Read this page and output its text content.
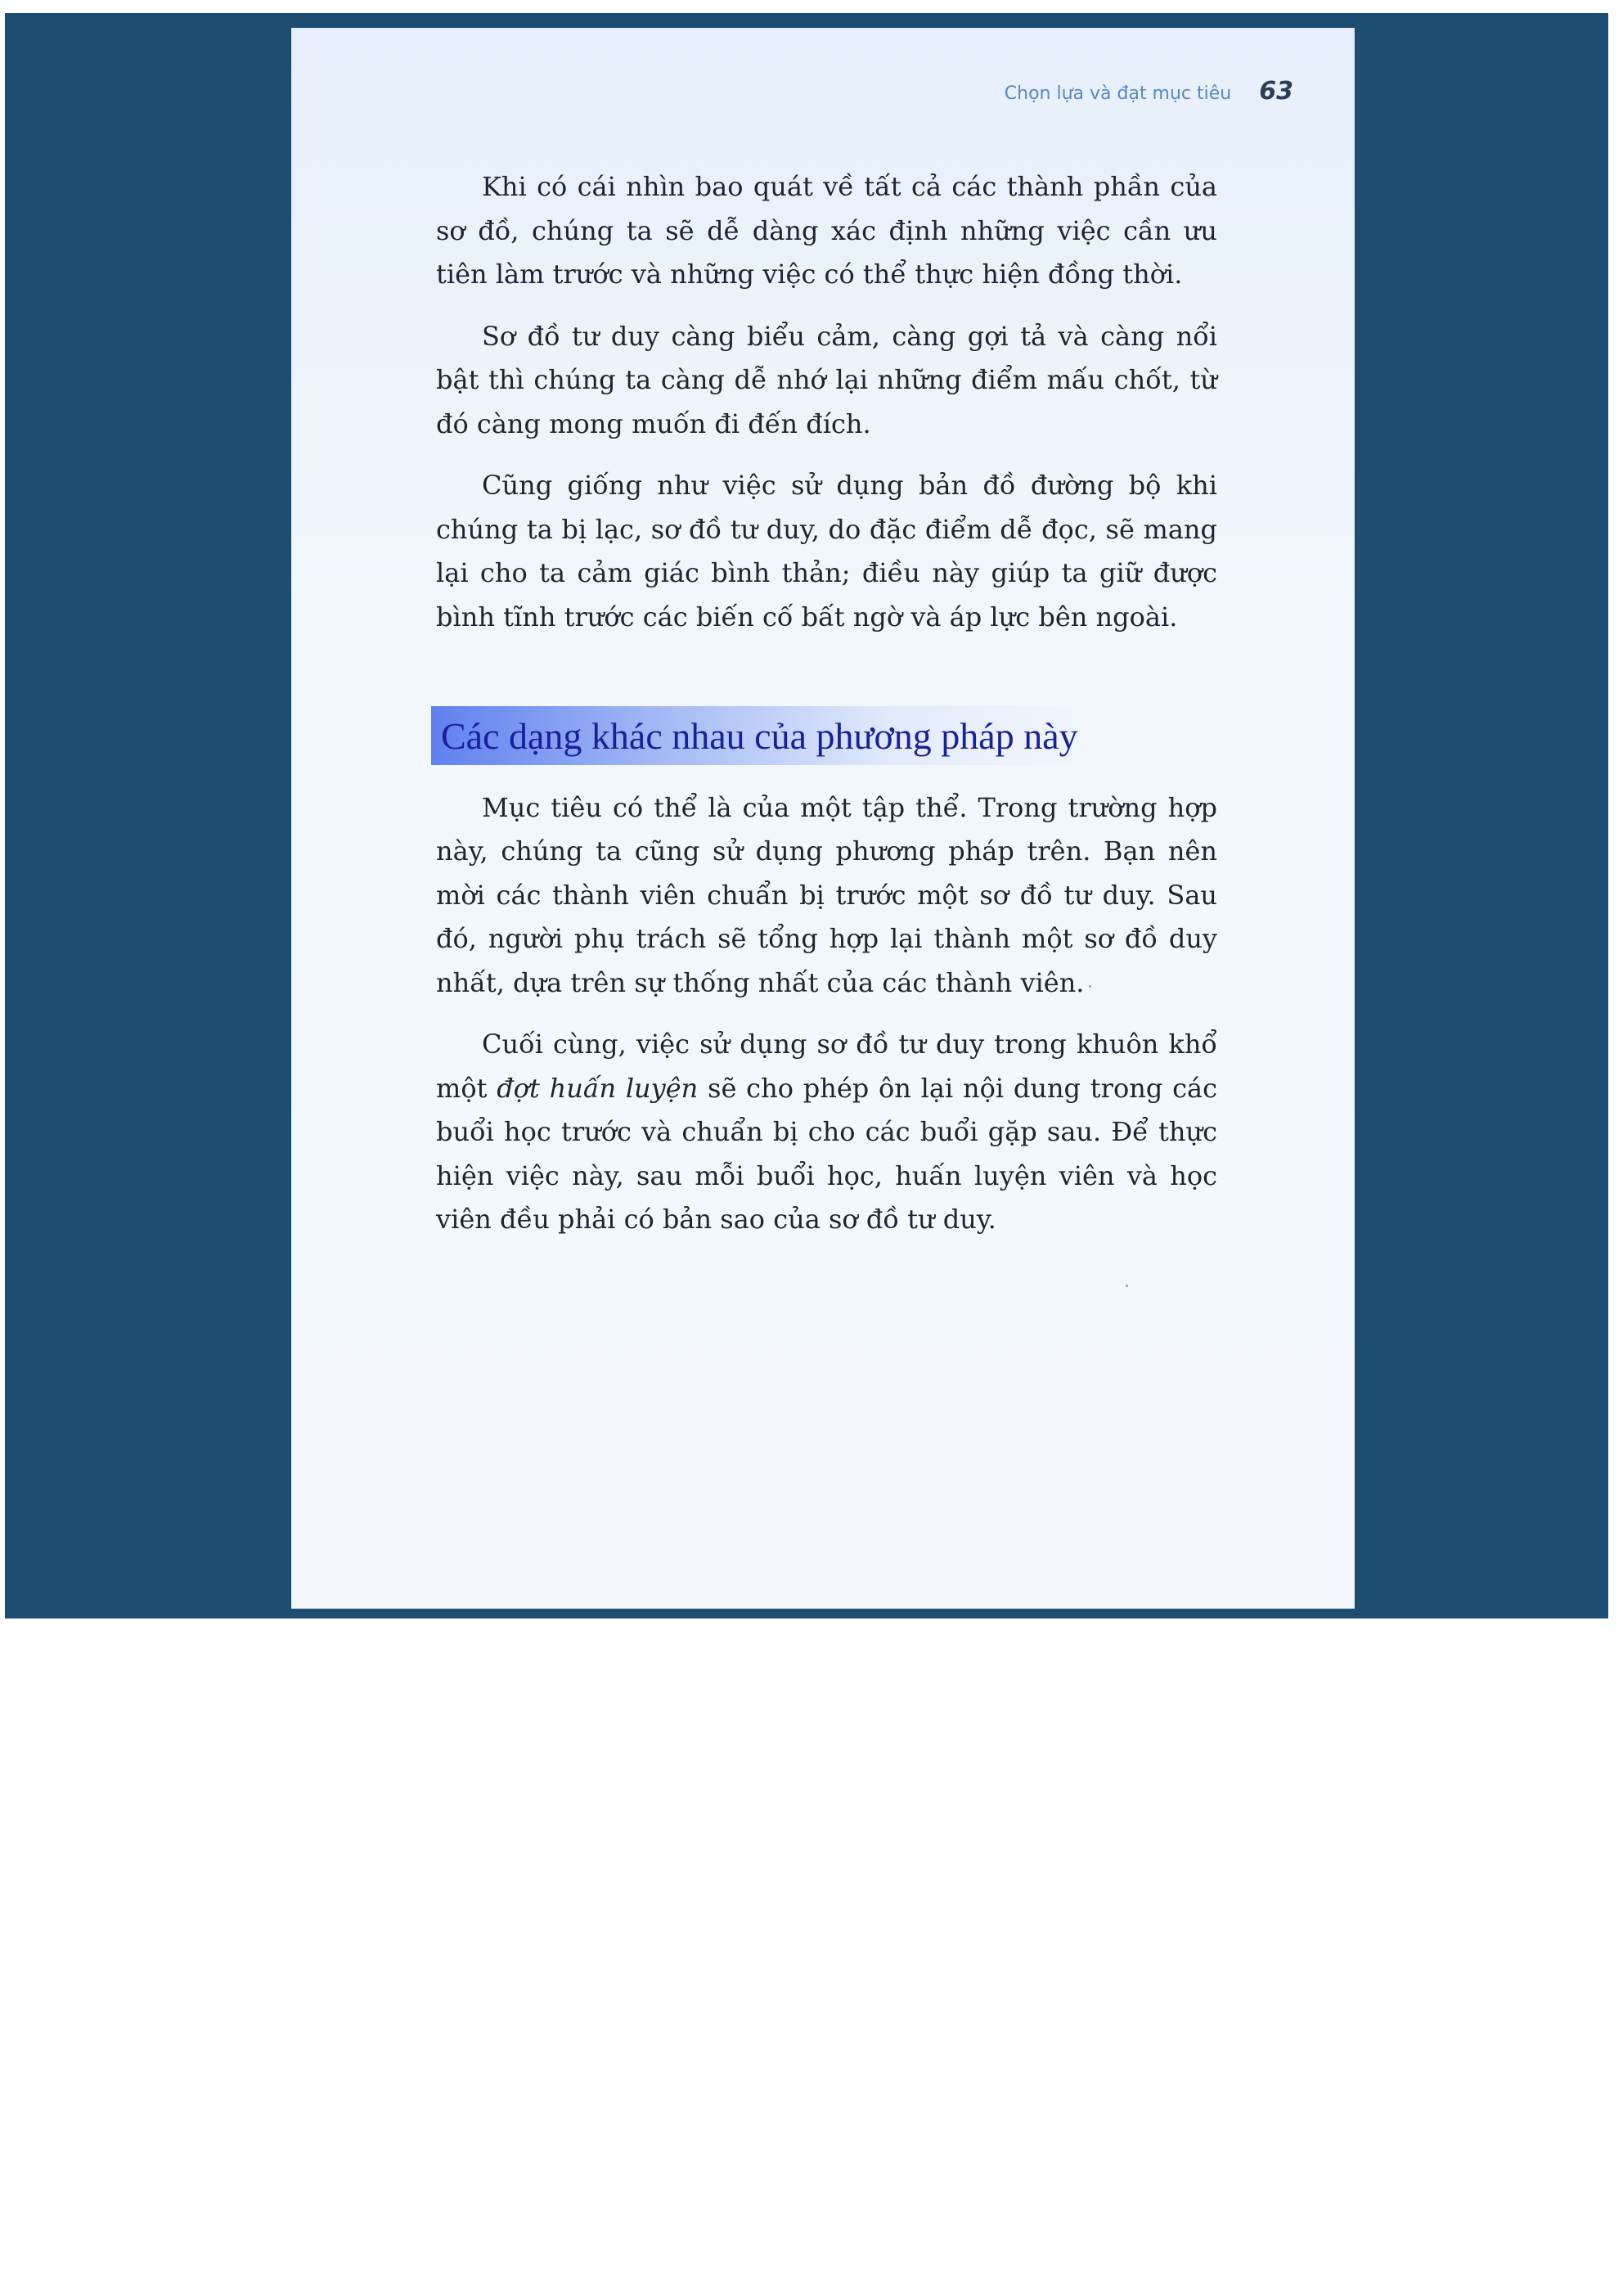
Chọn lựa và đạt mục tiêu 63

Khi có cái nhìn bao quát về tất cả các thành phần của sơ đồ, chúng ta sẽ dễ dàng xác định những việc cần ưu tiên làm trước và những việc có thể thực hiện đồng thời.

Sơ đồ tư duy càng biểu cảm, càng gợi tả và càng nổi bật thì chúng ta càng dễ nhớ lại những điểm mấu chốt, từ đó càng mong muốn đi đến đích.

Cũng giống như việc sử dụng bản đồ đường bộ khi chúng ta bị lạc, sơ đồ tư duy, do đặc điểm dễ đọc, sẽ mang lại cho ta cảm giác bình thản; điều này giúp ta giữ được bình tĩnh trước các biến cố bất ngờ và áp lực bên ngoài.

Các dạng khác nhau của phương pháp này

Mục tiêu có thể là của một tập thể. Trong trường hợp này, chúng ta cũng sử dụng phương pháp trên. Bạn nên mời các thành viên chuẩn bị trước một sơ đồ tư duy. Sau đó, người phụ trách sẽ tổng hợp lại thành một sơ đồ duy nhất, dựa trên sự thống nhất của các thành viên.

Cuối cùng, việc sử dụng sơ đồ tư duy trong khuôn khổ một đợt huấn luyện sẽ cho phép ôn lại nội dung trong các buổi học trước và chuẩn bị cho các buổi gặp sau. Để thực hiện việc này, sau mỗi buổi học, huấn luyện viên và học viên đều phải có bản sao của sơ đồ tư duy.
